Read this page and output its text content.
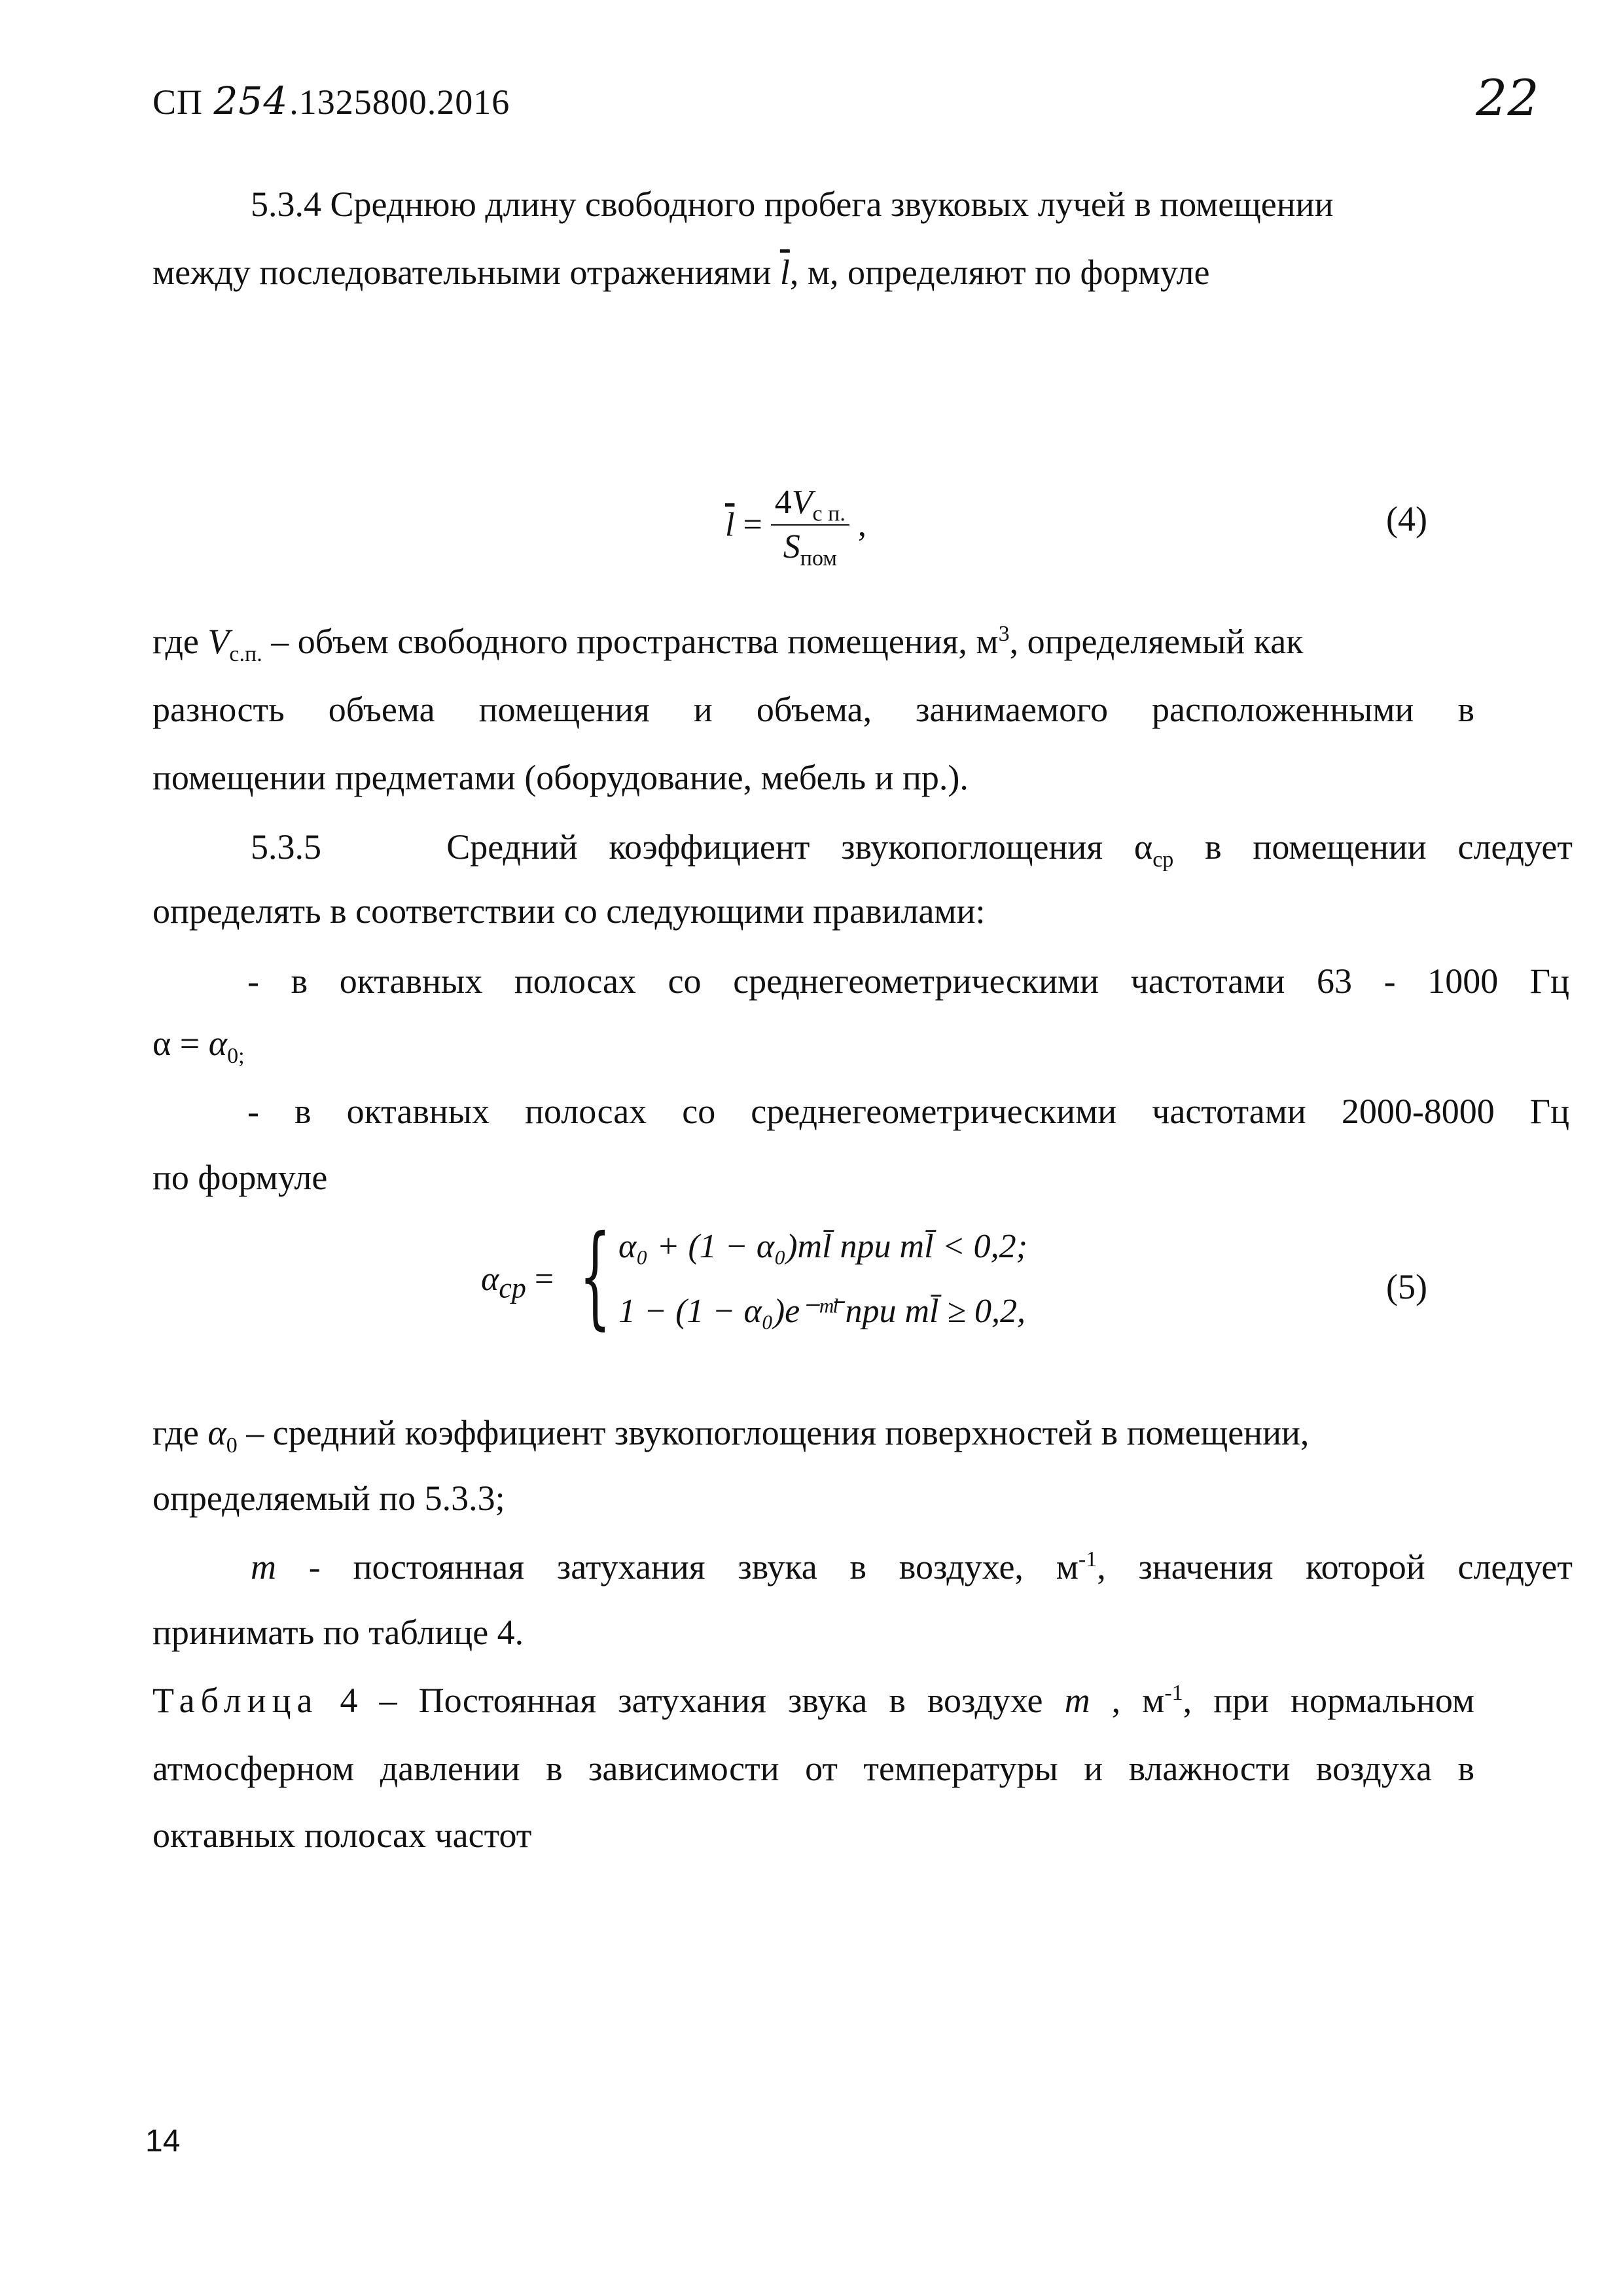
СП 254.1325800.2016	22

5.3.4 Среднюю длину свободного пробега звуковых лучей в помещении

между последовательными отражениями $\overline{l}$, м, определяют по формуле

$\overline{l} = \frac{4V_{с п.}}{S_{пом}}$ ,	(4)

где $V_{с.п.}$ – объем свободного пространства помещения, $м^3$, определяемый как

разность объема помещения и объема, занимаемого расположенными в

помещении предметами (оборудование, мебель и пр.).

5.3.5	Средний коэффициент звукопоглощения $\alpha_{ср}$ в помещении следует

определять в соответствии со следующими правилами:

- в октавных полосах со среднегеометрическими частотами 63 - 1000 Гц

$\alpha = \alpha_{0;}$

- в октавных полосах со среднегеометрическими частотами 2000-8000 Гц

по формуле

$\alpha_{cp}$ = { α₀ + (1 − α₀)ml̄ при ml̄ < 0,2;
1 − (1 − α₀)e⁻ᵐˡ̄ при ml̄ ≥ 0,2,
(5)

где $\alpha_0$ – средний коэффициент звукопоглощения поверхностей в помещении,

определяемый по 5.3.3;

m - постоянная затухания звука в воздухе, $м^{-1}$, значения которой следует

принимать по таблице 4.

Таблица 4 – Постоянная затухания звука в воздухе m , $м^{-1}$, при нормальном

атмосферном давлении в зависимости от температуры и влажности воздуха в

октавных полосах частот

14
